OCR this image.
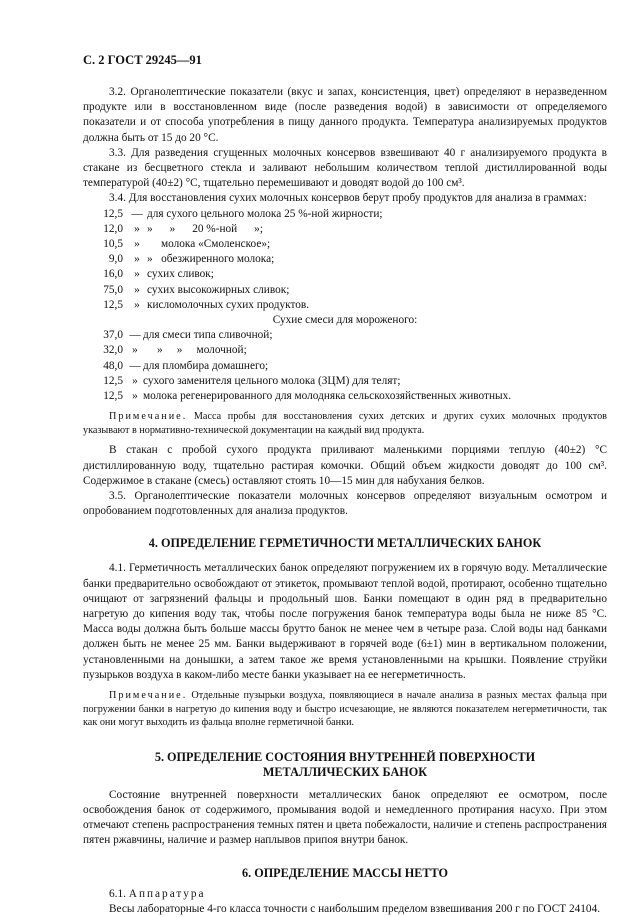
С. 2 ГОСТ 29245—91

3.2. Органолептические показатели (вкус и запах, консистенция, цвет) определяют в неразведенном продукте или в восстановленном виде (после разведения водой) в зависимости от определяемого показатели и от способа употребления в пищу данного продукта. Температура анализируемых продуктов должна быть от 15 до 20 °С.

3.3. Для разведения сгущенных молочных консервов взвешивают 40 г анализируемого продукта в стакане из бесцветного стекла и заливают небольшим количеством теплой дистиллированной воды температурой (40±2) °С, тщательно перемешивают и доводят водой до 100 см³.

3.4. Для восстановления сухих молочных консервов берут пробу продуктов для анализа в граммах:

12,5 — для сухого цельного молока 25 %-ной жирности;
12,0 » »      »      20 %-ной      »;
10,5 »	молока «Смоленское»;
9,0 » »   обезжиренного молока;
16,0 » сухих сливок;
75,0 » сухих высокожирных сливок;
12,5 » кисломолочных сухих продуктов.
Сухие смеси для мороженого:
37,0 — для смеси типа сливочной;
32,0 »	»     »     молочной;
48,0 — для пломбира домашнего;
12,5 » сухого заменителя цельного молока (ЗЦМ) для телят;
12,5 » молока регенерированного для молодняка сельскохозяйственных животных.

Примечание. Масса пробы для восстановления сухих детских и других сухих молочных продуктов указывают в нормативно-технической документации на каждый вид продукта.

В стакан с пробой сухого продукта приливают маленькими порциями теплую (40±2) °С дистиллированную воду, тщательно растирая комочки. Общий объем жидкости доводят до 100 см³. Содержимое в стакане (смесь) оставляют стоять 10—15 мин для набухания белков.

3.5. Органолептические показатели молочных консервов определяют визуальным осмотром и опробованием подготовленных для анализа продуктов.

4. ОПРЕДЕЛЕНИЕ ГЕРМЕТИЧНОСТИ МЕТАЛЛИЧЕСКИХ БАНОК

4.1. Герметичность металлических банок определяют погружением их в горячую воду. Металлические банки предварительно освобождают от этикеток, промывают теплой водой, протирают, особенно тщательно очищают от загрязнений фальцы и продольный шов. Банки помещают в один ряд в предварительно нагретую до кипения воду так, чтобы после погружения банок температура воды была не ниже 85 °С. Масса воды должна быть больше массы брутто банок не менее чем в четыре раза. Слой воды над банками должен быть не менее 25 мм. Банки выдерживают в горячей воде (6±1) мин в вертикальном положении, установленными на донышки, а затем такое же время установленными на крышки. Появление струйки пузырьков воздуха в каком-либо месте банки указывает на ее негерметичность.

Примечание. Отдельные пузырьки воздуха, появляющиеся в начале анализа в разных местах фальца при погружении банки в нагретую до кипения воду и быстро исчезающие, не являются показателем негерметичности, так как они могут выходить из фальца вполне герметичной банки.

5. ОПРЕДЕЛЕНИЕ СОСТОЯНИЯ ВНУТРЕННЕЙ ПОВЕРХНОСТИ
МЕТАЛЛИЧЕСКИХ БАНОК

Состояние внутренней поверхности металлических банок определяют ее осмотром, после освобождения банок от содержимого, промывания водой и немедленного протирания насухо. При этом отмечают степень распространения темных пятен и цвета побежалости, наличие и степень распространения пятен ржавчины, наличие и размер наплывов припоя внутри банок.

6. ОПРЕДЕЛЕНИЕ МАССЫ НЕТТО

6.1. Аппаратура

Весы лабораторные 4-го класса точности с наибольшим пределом взвешивания 200 г по ГОСТ 24104.
